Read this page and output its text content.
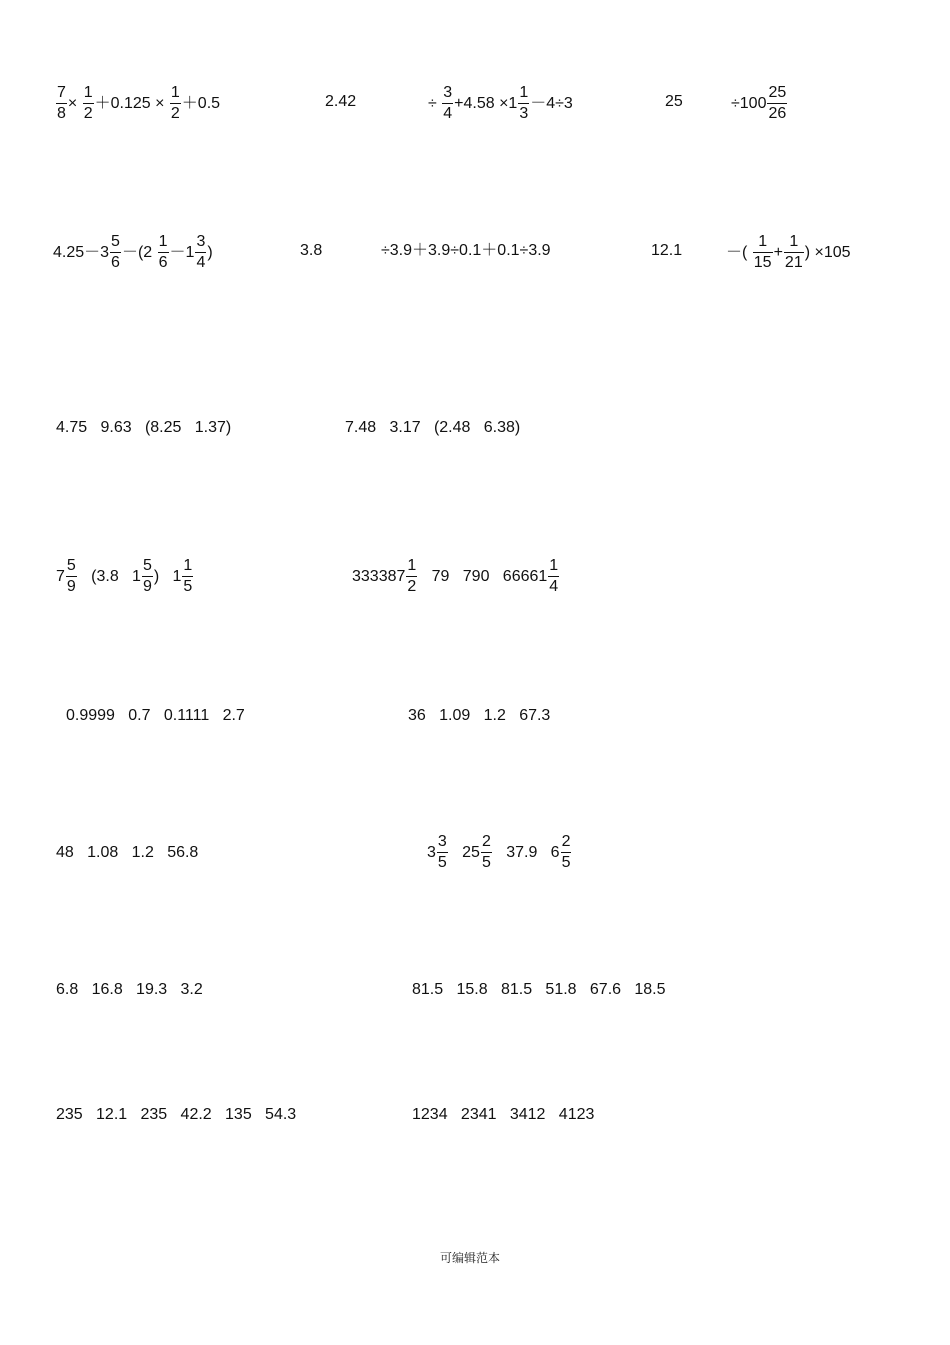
$\frac{7}{8} \times \frac{1}{2} +0.125 \times \frac{1}{2} +0.5$	2.42	÷ $\frac{3}{4} +4.58 \times 1 \frac{1}{3} -4\div 3$	25	$\div 100 \frac{25}{26}$
$4.25-3 \frac{5}{6} -(2 \frac{1}{6} -1 \frac{3}{4}$ )	3.8	÷3.9＋3.9÷0.1＋0.1÷3.9	12.1	－( $\frac{1}{15} + \frac{1}{21}$ ) ×105
4.75   9.63   (8.25   1.37)	7.48   3.17   (2.48   6.38)
$7 \frac{5}{9} (3.8$   $1 \frac{5}{9}$ )   $1 \frac{1}{5}$	$333387 \frac{1}{2} 79$   790   $66661 \frac{1}{4}$
0.9999   0.7   0.1111   2.7	36   1.09   1.2   67.3
48   1.08   1.2   56.8	$3 \frac{3}{5} 25 \frac{2}{5} 37.9$   $6 \frac{2}{5}$
6.8   16.8   19.3   3.2	81.5   15.8   81.5   51.8   67.6   18.5
235   12.1   235   42.2   135   54.3	1234   2341   3412   4123
可编辑范本
